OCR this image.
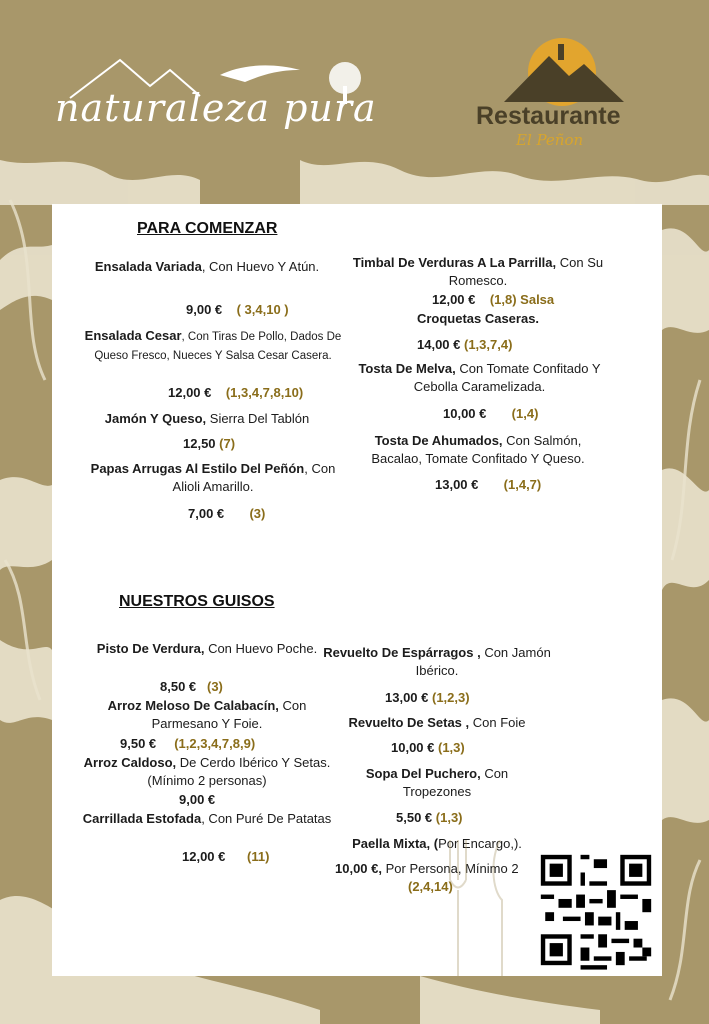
naturaleza pura	Restaurante
El Peñon
PARA COMENZAR
Ensalada Variada, Con Huevo Y Atún.
9,00 € ( 3,4,10 )
Ensalada Cesar, Con Tiras De Pollo, Dados De Queso Fresco, Nueces Y Salsa Cesar Casera.
12,00 € (1,3,4,7,8,10)
Jamón Y Queso, Sierra Del Tablón
12,50 (7)
Papas Arrugas Al Estilo Del Peñón, Con Alioli Amarillo.
7,00 € (3)
Timbal De Verduras A La Parrilla, Con Su Romesco.
12,00 € (1,8) Salsa
Croquetas Caseras.
14,00 € (1,3,7,4)
Tosta De Melva, Con Tomate Confitado Y Cebolla Caramelizada.
10,00 € (1,4)
Tosta De Ahumados, Con Salmón, Bacalao, Tomate Confitado Y Queso.
13,00 € (1,4,7)
NUESTROS GUISOS
Pisto De Verdura, Con Huevo Poche.
8,50 € (3)
Arroz Meloso De Calabacín, Con Parmesano Y Foie.
9,50 € (1,2,3,4,7,8,9)
Arroz Caldoso, De Cerdo Ibérico Y Setas. (Mínimo 2 personas)
9,00 €
Carrillada Estofada, Con Puré De Patatas
12,00 € (11)
Revuelto De Espárragos , Con Jamón Ibérico.
13,00 € (1,2,3)
Revuelto De Setas , Con Foie
10,00 € (1,3)
Sopa Del Puchero, Con Tropezones
5,50 € (1,3)
Paella Mixta, (Por Encargo,).
10,00 €, Por Persona, Mínimo 2
(2,4,14)
